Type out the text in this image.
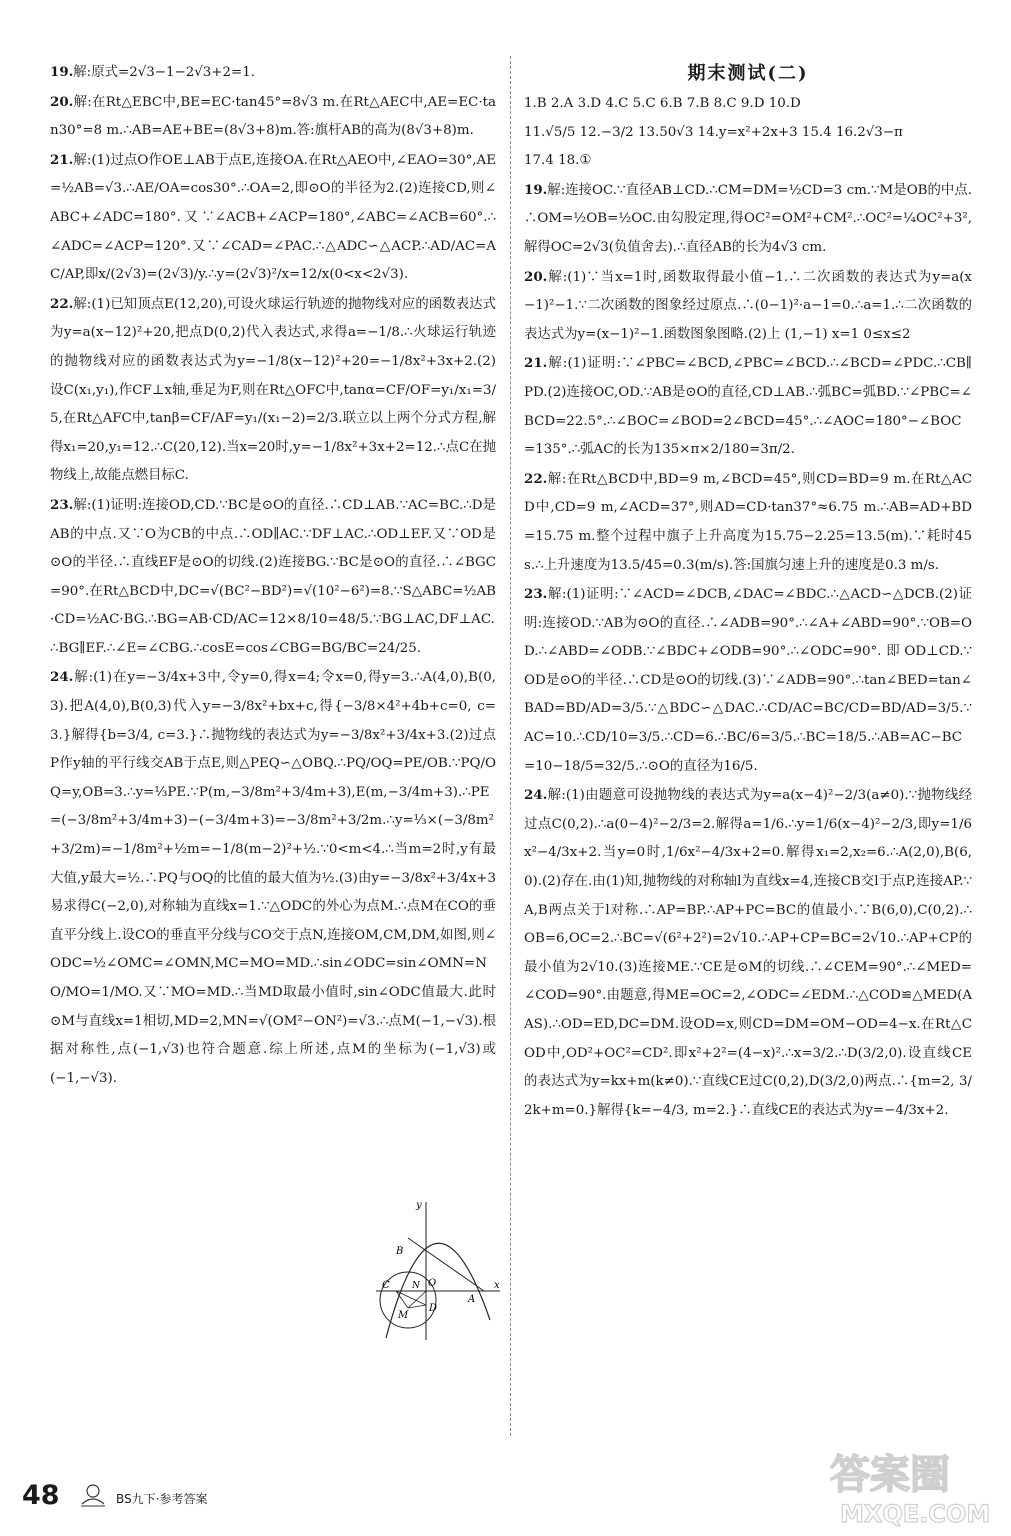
19.解:原式=2√3−1−2√3+2=1.

20.解:在Rt△EBC中,BE=EC·tan45°=8√3 m.在Rt△AEC中,AE=EC·tan30°=8 m.∴AB=AE+BE=(8√3+8)m.答:旗杆AB的高为(8√3+8)m.

21.解:(1)过点O作OE⊥AB于点E,连接OA.在Rt△AEO中,∠EAO=30°,AE=½AB=√3.∴AE/OA=cos30°.∴OA=2,即⊙O的半径为2.(2)连接CD,则∠ABC+∠ADC=180°.又∵∠ACB+∠ACP=180°,∠ABC=∠ACB=60°.∴∠ADC=∠ACP=120°.又∵∠CAD=∠PAC.∴△ADC∽△ACP.∴AD/AC=AC/AP,即x/(2√3)=(2√3)/y.∴y=(2√3)²/x=12/x(0<x<2√3).

22.解:(1)已知顶点E(12,20),可设火球运行轨迹的抛物线对应的函数表达式为y=a(x−12)²+20,把点D(0,2)代入表达式,求得a=−1/8.∴火球运行轨迹的抛物线对应的函数表达式为y=−1/8(x−12)²+20=−1/8x²+3x+2.(2)设C(x₁,y₁),作CF⊥x轴,垂足为F,则在Rt△OFC中,tanα=CF/OF=y₁/x₁=3/5,在Rt△AFC中,tanβ=CF/AF=y₁/(x₁−2)=2/3.联立以上两个分式方程,解得x₁=20,y₁=12.∴C(20,12).当x=20时,y=−1/8x²+3x+2=12.∴点C在抛物线上,故能点燃目标C.

23.解:(1)证明:连接OD,CD.∵BC是⊙O的直径.∴CD⊥AB.∵AC=BC.∴D是AB的中点.又∵O为CB的中点.∴OD∥AC.∵DF⊥AC.∴OD⊥EF.又∵OD是⊙O的半径.∴直线EF是⊙O的切线.(2)连接BG.∵BC是⊙O的直径.∴∠BGC=90°.在Rt△BCD中,DC=√(BC²−BD²)=√(10²−6²)=8.∵S△ABC=½AB·CD=½AC·BG.∴BG=AB·CD/AC=12×8/10=48/5.∵BG⊥AC,DF⊥AC.∴BG∥EF.∴∠E=∠CBG.∴cosE=cos∠CBG=BG/BC=24/25.

24.解:(1)在y=−3/4x+3中,令y=0,得x=4;令x=0,得y=3.∴A(4,0),B(0,3).把A(4,0),B(0,3)代入y=−3/8x²+bx+c,得{−3/8×4²+4b+c=0, c=3.}解得{b=3/4, c=3.}∴抛物线的表达式为y=−3/8x²+3/4x+3.(2)过点P作y轴的平行线交AB于点E,则△PEQ∽△OBQ.∴PQ/OQ=PE/OB.∵PQ/OQ=y,OB=3.∴y=⅓PE.∵P(m,−3/8m²+3/4m+3),E(m,−3/4m+3).∴PE=(−3/8m²+3/4m+3)−(−3/4m+3)=−3/8m²+3/2m.∴y=⅓×(−3/8m²+3/2m)=−1/8m²+½m=−1/8(m−2)²+½.∵0<m<4.∴当m=2时,y有最大值,y最大=½.∴PQ与OQ的比值的最大值为½.(3)由y=−3/8x²+3/4x+3易求得C(−2,0),对称轴为直线x=1.∵△ODC的外心为点M.∴点M在CO的垂直平分线上.设CO的垂直平分线与CO交于点N,连接OM,CM,DM,如图,则∠ODC=½∠OMC=∠OMN,MC=MO=MD.∴sin∠ODC=sin∠OMN=NO/MO=1/MO.又∵MO=MD.∴当MD取最小值时,sin∠ODC值最大.此时⊙M与直线x=1相切,MD=2,MN=√(OM²−ON²)=√3.∴点M(−1,−√3).根据对称性,点(−1,√3)也符合题意.综上所述,点M的坐标为(−1,√3)或(−1,−√3).

y
B
C	O
N
D
M
A
x
期末测试(二)

1.B 2.A 3.D 4.C 5.C 6.B 7.B 8.C 9.D 10.D

11.√5/5 12.−3/2 13.50√3 14.y=x²+2x+3 15.4 16.2√3−π

17.4 18.①

19.解:连接OC.∵直径AB⊥CD.∴CM=DM=½CD=3 cm.∵M是OB的中点.∴OM=½OB=½OC.由勾股定理,得OC²=OM²+CM².∴OC²=¼OC²+3²,解得OC=2√3(负值舍去).∴直径AB的长为4√3 cm.

20.解:(1)∵当x=1时,函数取得最小值−1.∴二次函数的表达式为y=a(x−1)²−1.∵二次函数的图象经过原点.∴(0−1)²·a−1=0.∴a=1.∴二次函数的表达式为y=(x−1)²−1.函数图象图略.(2)上 (1,−1) x=1 0≤x≤2

21.解:(1)证明:∵∠PBC=∠BCD,∠PBC=∠BCD.∴∠BCD=∠PDC.∴CB∥PD.(2)连接OC,OD.∵AB是⊙O的直径,CD⊥AB.∴弧BC=弧BD.∵∠PBC=∠BCD=22.5°.∴∠BOC=∠BOD=2∠BCD=45°.∴∠AOC=180°−∠BOC=135°.∴弧AC的长为135×π×2/180=3π/2.

22.解:在Rt△BCD中,BD=9 m,∠BCD=45°,则CD=BD=9 m.在Rt△ACD中,CD=9 m,∠ACD=37°,则AD=CD·tan37°≈6.75 m.∴AB=AD+BD=15.75 m.整个过程中旗子上升高度为15.75−2.25=13.5(m).∵耗时45 s.∴上升速度为13.5/45=0.3(m/s).答:国旗匀速上升的速度是0.3 m/s.

23.解:(1)证明:∵∠ACD=∠DCB,∠DAC=∠BDC.∴△ACD∽△DCB.(2)证明:连接OD.∵AB为⊙O的直径.∴∠ADB=90°.∴∠A+∠ABD=90°.∵OB=OD.∴∠ABD=∠ODB.∵∠BDC+∠ODB=90°.∴∠ODC=90°.即OD⊥CD.∵OD是⊙O的半径.∴CD是⊙O的切线.(3)∵∠ADB=90°.∴tan∠BED=tan∠BAD=BD/AD=3/5.∵△BDC∽△DAC.∴CD/AC=BC/CD=BD/AD=3/5.∵AC=10.∴CD/10=3/5.∴CD=6.∴BC/6=3/5.∴BC=18/5.∴AB=AC−BC=10−18/5=32/5.∴⊙O的直径为16/5.

24.解:(1)由题意可设抛物线的表达式为y=a(x−4)²−2/3(a≠0).∵抛物线经过点C(0,2).∴a(0−4)²−2/3=2.解得a=1/6.∴y=1/6(x−4)²−2/3,即y=1/6x²−4/3x+2.当y=0时,1/6x²−4/3x+2=0.解得x₁=2,x₂=6.∴A(2,0),B(6,0).(2)存在.由(1)知,抛物线的对称轴l为直线x=4,连接CB交l于点P,连接AP.∵A,B两点关于l对称.∴AP=BP.∴AP+PC=BC的值最小.∵B(6,0),C(0,2).∴OB=6,OC=2.∴BC=√(6²+2²)=2√10.∴AP+CP=BC=2√10.∴AP+CP的最小值为2√10.(3)连接ME.∵CE是⊙M的切线.∴∠CEM=90°.∴∠MED=∠COD=90°.由题意,得ME=OC=2,∠ODC=∠EDM.∴△COD≌△MED(AAS).∴OD=ED,DC=DM.设OD=x,则CD=DM=OM−OD=4−x.在Rt△COD中,OD²+OC²=CD².即x²+2²=(4−x)².∴x=3/2.∴D(3/2,0).设直线CE的表达式为y=kx+m(k≠0).∵直线CE过C(0,2),D(3/2,0)两点.∴{m=2, 3/2k+m=0.}解得{k=−4/3, m=2.}∴直线CE的表达式为y=−4/3x+2.

48	BS九下·参考答案
答案圈
MXQE.COM
